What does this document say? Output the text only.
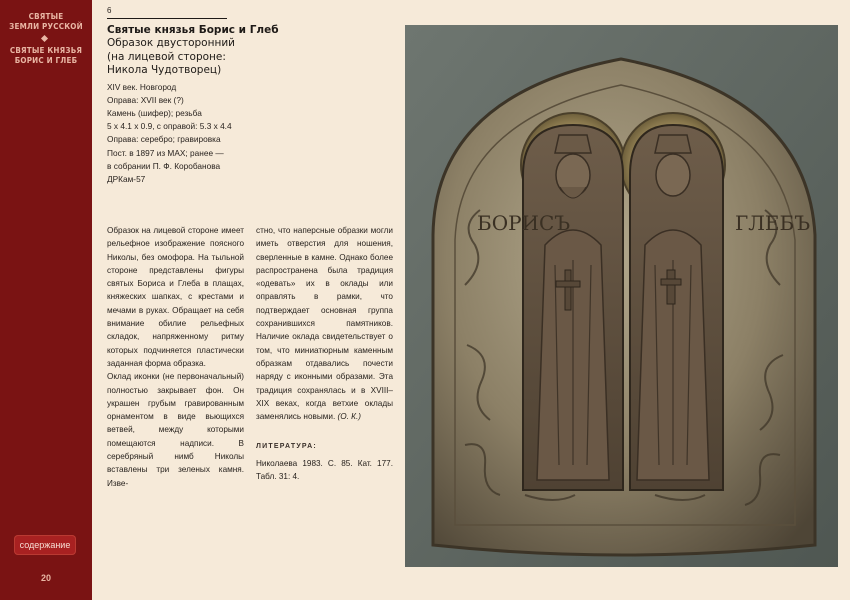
СВЯТЫЕ
ЗЕМЛИ РУССКОЙ
СВЯТЫЕ КНЯЗЬЯ
БОРИС И ГЛЕБ
содержание
20
6
Святые князья Борис и Глеб
Образок двусторонний
(на лицевой стороне:
Никола Чудотворец)
XIV век. Новгород
Оправа: XVII век (?)
Камень (шифер); резьба
5 x 4.1 x 0.9, с оправой: 5.3 x 4.4
Оправа: серебро; гравировка
Пост. в 1897 из МАХ; ранее —
в собрании П. Ф. Коробанова
ДРКам-57

Образок на лицевой стороне имеет рельефное изображение поясного Николы, без омофора. На тыльной стороне представлены фигуры святых Бориса и Глеба в плащах, княжеских шапках, с крестами и мечами в руках. Обращает на себя внимание обилие рельефных складок, напряженному ритму которых подчиняется пластически заданная форма образка.

Оклад иконки (не первоначальный) полностью закрывает фон. Он украшен грубым гравированным орнаментом в виде вьющихся ветвей, между которыми помещаются надписи. В серебряный нимб Николы вставлены три зеленых камня. Изве-

стно, что наперсные образки могли иметь отверстия для ношения, сверленные в камне. Однако более распространена была традиция «одевать» их в оклады или оправлять в рамки, что подтверждает основная группа сохранившихся памятников. Наличие оклада свидетельствует о том, что миниатюрным каменным образкам отдавались почести наряду с иконными образами. Эта традиция сохранялась и в XVIII–XIX веках, когда ветхие оклады заменялись новыми. (О. К.)

ЛИТЕРАТУРА:
Николаева 1983. С. 85. Кат. 177. Табл. 31: 4.
БОРИСЪ	ГЛЕБЪ
